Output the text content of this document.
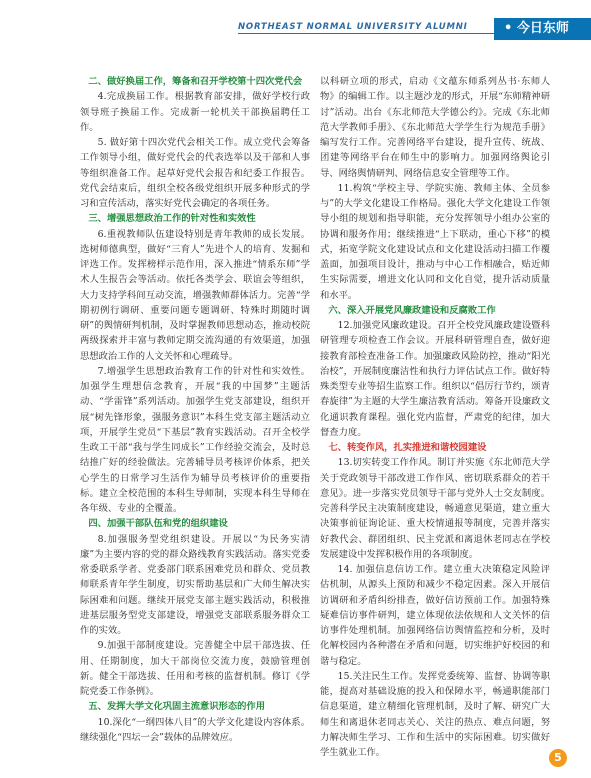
NORTHEAST NORMAL UNIVERSITY ALUMNI	• 今日东师
二、做好换届工作，筹备和召开学校第十四次党代会

4.完成换届工作。根据教育部安排，做好学校行政领导班子换届工作。完成新一轮机关干部换届聘任工作。

5. 做好第十四次党代会相关工作。成立党代会筹备工作领导小组，做好党代会的代表选举以及干部和人事等组织准备工作。起草好党代会报告和纪委工作报告。党代会结束后，组织全校各级党组织开展多种形式的学习和宣传活动，落实好党代会确定的各项任务。

三、增强思想政治工作的针对性和实效性

6.重视教师队伍建设特别是青年教师的成长发展。选树师德典型，做好“三育人”先进个人的培育、发掘和评选工作。发挥榜样示范作用，深入推进“情系东师”学术人生报告会等活动。依托各类学会、联谊会等组织，大力支持学科间互动交流，增强教师群体活力。完善“学期初例行调研、重要问题专题调研、特殊时期随时调研”的舆情研判机制，及时掌握教师思想动态，推动校院两级探索并丰富与教师定期交流沟通的有效渠道，加强思想政治工作的人文关怀和心理疏导。

7.增强学生思想政治教育工作的针对性和实效性。加强学生理想信念教育，开展“我的中国梦”主题活动、“学雷锋”系列活动。加强学生党支部建设，组织开展“树先锋形象，强服务意识”本科生党支部主题活动立项，开展学生党员“下基层”教育实践活动。召开全校学生政工干部“我与学生同成长”工作经验交流会，及时总结推广好的经验做法。完善辅导员考核评价体系，把关心学生的日常学习生活作为辅导员考核评价的重要指标。建立全校范围的本科生导师制，实现本科生导师在各年级、专业的全覆盖。

四、加强干部队伍和党的组织建设

8.加强服务型党组织建设。开展以“为民务实清廉”为主要内容的党的群众路线教育实践活动。落实党委常委联系学者、党委部门联系困难党员和群众、党员教师联系青年学生制度，切实帮助基层和广大师生解决实际困难和问题。继续开展党支部主题实践活动，积极推进基层服务型党支部建设，增强党支部联系服务群众工作的实效。

9.加强干部制度建设。完善健全中层干部选拔、任用、任期制度，加大干部岗位交流力度，鼓励管理创新。健全干部选拔、任用和考核的监督机制。修订《学院党委工作条例》。

五、发挥大学文化巩固主流意识形态的作用

10.深化“一纲四体八目”的大学文化建设内容体系。继续强化“四坛一会”载体的品牌效应。

以科研立项的形式，启动《文蕴东师系列丛书·东师人物》的编辑工作。以主题沙龙的形式，开展“东师精神研讨”活动。出台《东北师范大学德公约》。完成《东北师范大学教师手册》、《东北师范大学学生行为规范手册》编写发行工作。完善网络平台建设，提升宣传、统战、团建等网络平台在师生中的影响力。加强网络舆论引导、网络舆情研判、网络信息安全管理等工作。

11.构筑“学校主导、学院实施、教师主体、全员参与”的大学文化建设工作格局。强化大学文化建设工作领导小组的规划和指导职能，充分发挥领导小组办公室的协调和服务作用；继续推进“上下联动，重心下移”的模式，拓宽学院文化建设试点和文化建设活动扫描工作覆盖面，加强项目设计，推动与中心工作相融合，贴近师生实际需要，增进文化认同和文化自觉，提升活动质量和水平。

六、深入开展党风廉政建设和反腐败工作

12.加强党风廉政建设。召开全校党风廉政建设暨科研管理专项检查工作会议。开展科研管理自查，做好迎接教育部检查准备工作。加强廉政风险防控，推动“阳光治校”，开展制度廉洁性和执行力评估试点工作。做好特殊类型专业等招生监察工作。组织以“倡厉行节约，颂青春旋律”为主题的大学生廉洁教育活动。筹备开设廉政文化通识教育课程。强化党内监督，严肃党的纪律，加大督查力度。

七、转变作风，扎实推进和谐校园建设

13.切实转变工作作风。制订并实施《东北师范大学关于党政领导干部改进工作作风、密切联系群众的若干意见》。进一步落实党员领导干部与党外人士交友制度。完善科学民主决策制度建设，畅通意见渠道，建立重大决策事前征询论证、重大校情通报等制度，完善并落实好教代会、群团组织、民主党派和离退休老同志在学校发展建设中发挥积极作用的各项制度。

14. 加强信息信访工作。建立重大决策稳定风险评估机制，从源头上预防和减少不稳定因素。深入开展信访调研和矛盾纠纷排查，做好信访预前工作。加强特殊疑难信访事件研判，建立体现依法依规和人文关怀的信访事件处理机制。加强网络信访舆情监控和分析，及时化解校园内各种潜在矛盾和问题，切实维护好校园的和谐与稳定。

15.关注民生工作。发挥党委统筹、监督、协调等职能，提高对基础设施的投入和保障水平，畅通职能部门信息渠道，建立精细化管理机制，及时了解、研究广大师生和离退休老同志关心、关注的热点、难点问题，努力解决师生学习、工作和生活中的实际困难。切实做好学生就业工作。	5
